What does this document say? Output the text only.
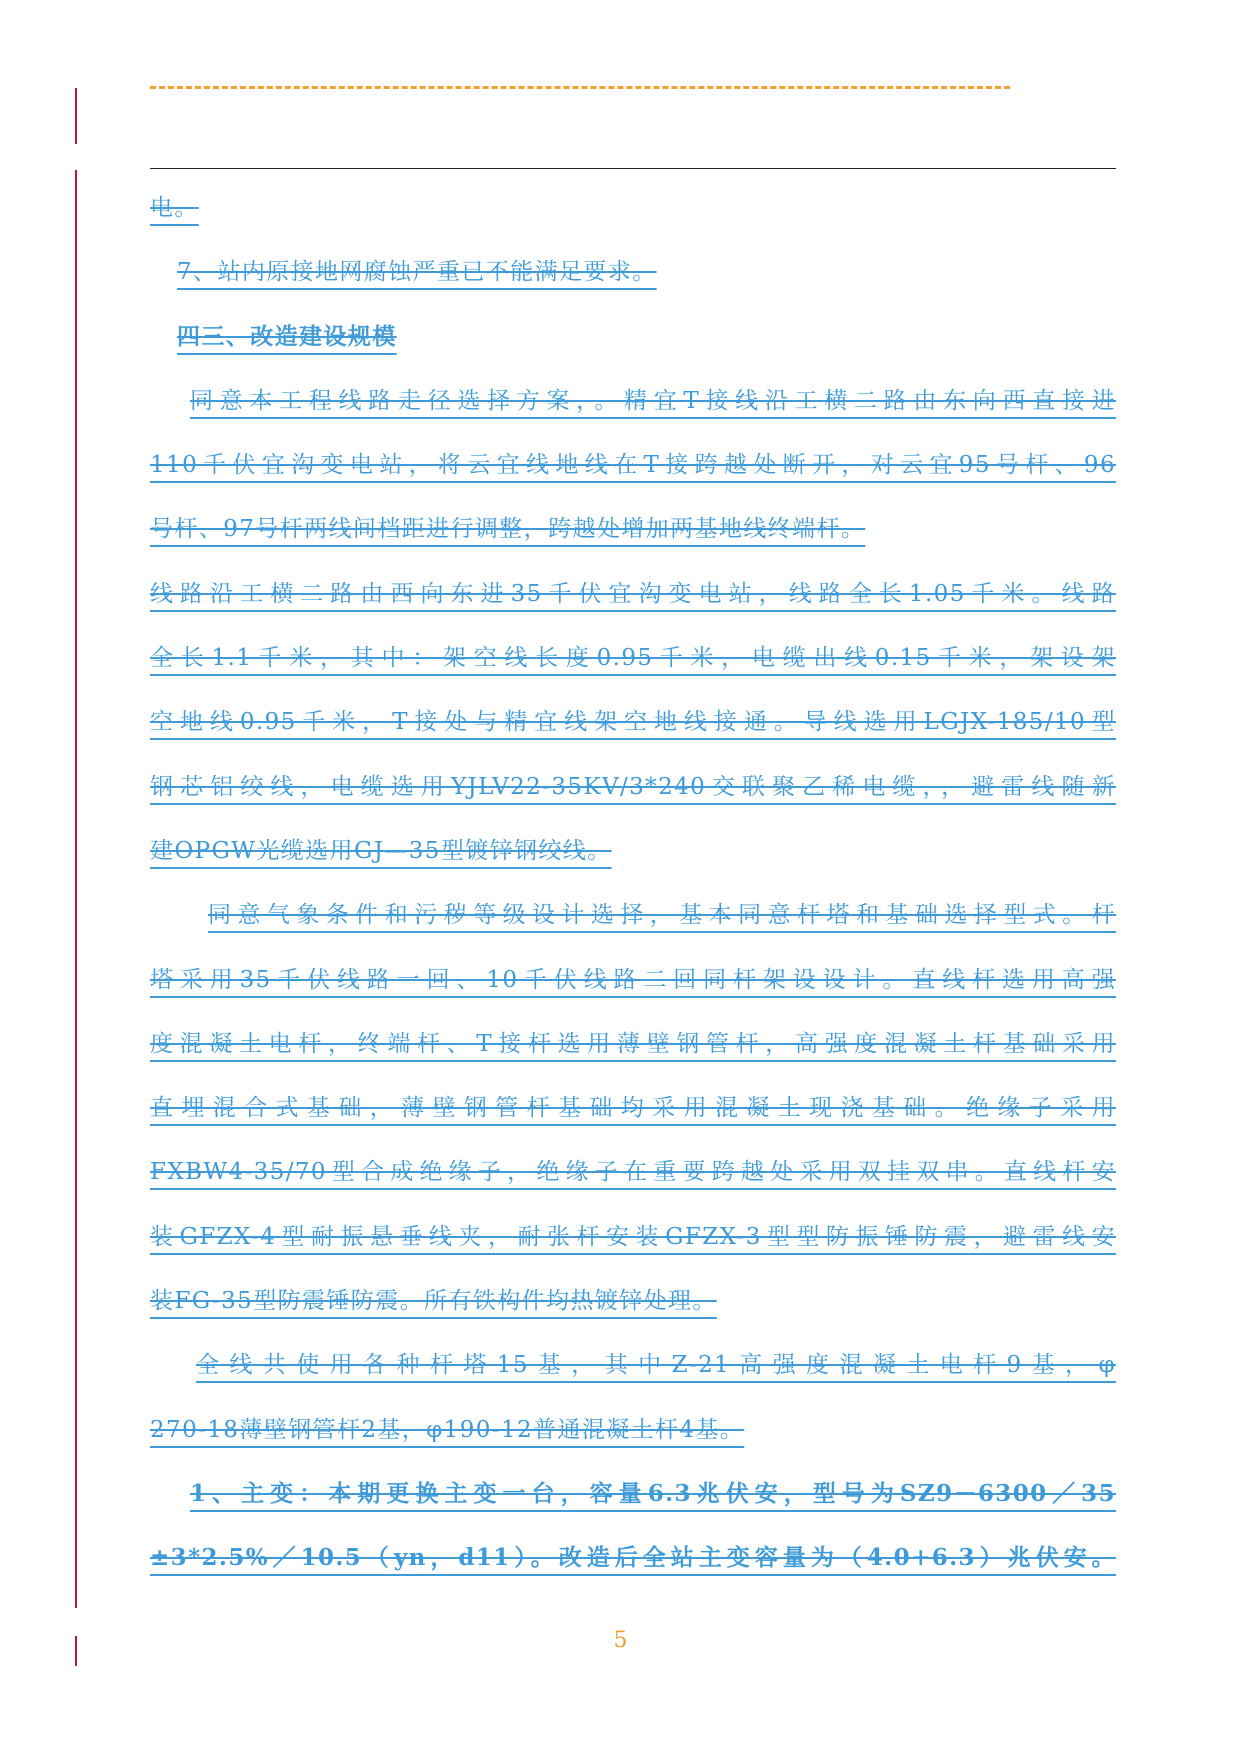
电。
7、站内原接地网腐蚀严重已不能满足要求。
四三、改造建设规模
同意本工程线路走径选择方案，。精宜T接线沿工横二路由东向西直接进
110千伏宜沟变电站，将云宜线地线在T接跨越处断开，对云宜95号杆、96
号杆、97号杆两线间档距进行调整，跨越处增加两基地线终端杆。
线路沿工横二路由西向东进35千伏宜沟变电站，线路全长1.05千米。线路
全长1.1千米，其中：架空线长度0.95千米，电缆出线0.15千米，架设架
空地线0.95千米，T接处与精宜线架空地线接通。导线选用LGJX-185/10型
钢芯铝绞线，电缆选用YJLV22-35KV/3*240交联聚乙稀电缆，，避雷线随新
建OPGW光缆选用GJ—35型镀锌钢绞线。
同意气象条件和污秽等级设计选择，基本同意杆塔和基础选择型式。杆
塔采用35千伏线路一回、10千伏线路二回同杆架设设计。直线杆选用高强
度混凝土电杆，终端杆、T接杆选用薄壁钢管杆，高强度混凝土杆基础采用
直埋混合式基础，薄壁钢管杆基础均采用混凝土现浇基础。绝缘子采用
FXBW4-35/70型合成绝缘子，绝缘子在重要跨越处采用双挂双串。直线杆安
装GFZX-4型耐振悬垂线夹，耐张杆安装GFZX-3型型防振锤防震，避雷线安
装FG-35型防震锤防震。所有铁构件均热镀锌处理。
全线共使用各种杆塔15基，其中Z-21高强度混凝土电杆9基，φ
270-18薄壁钢管杆2基，φ190-12普通混凝土杆4基。
1、主变：本期更换主变一台，容量6.3兆伏安，型号为SZ9－6300／35
±3*2.5%／10.5（yn，d11）。改造后全站主变容量为（4.0+6.3）兆伏安。
5
